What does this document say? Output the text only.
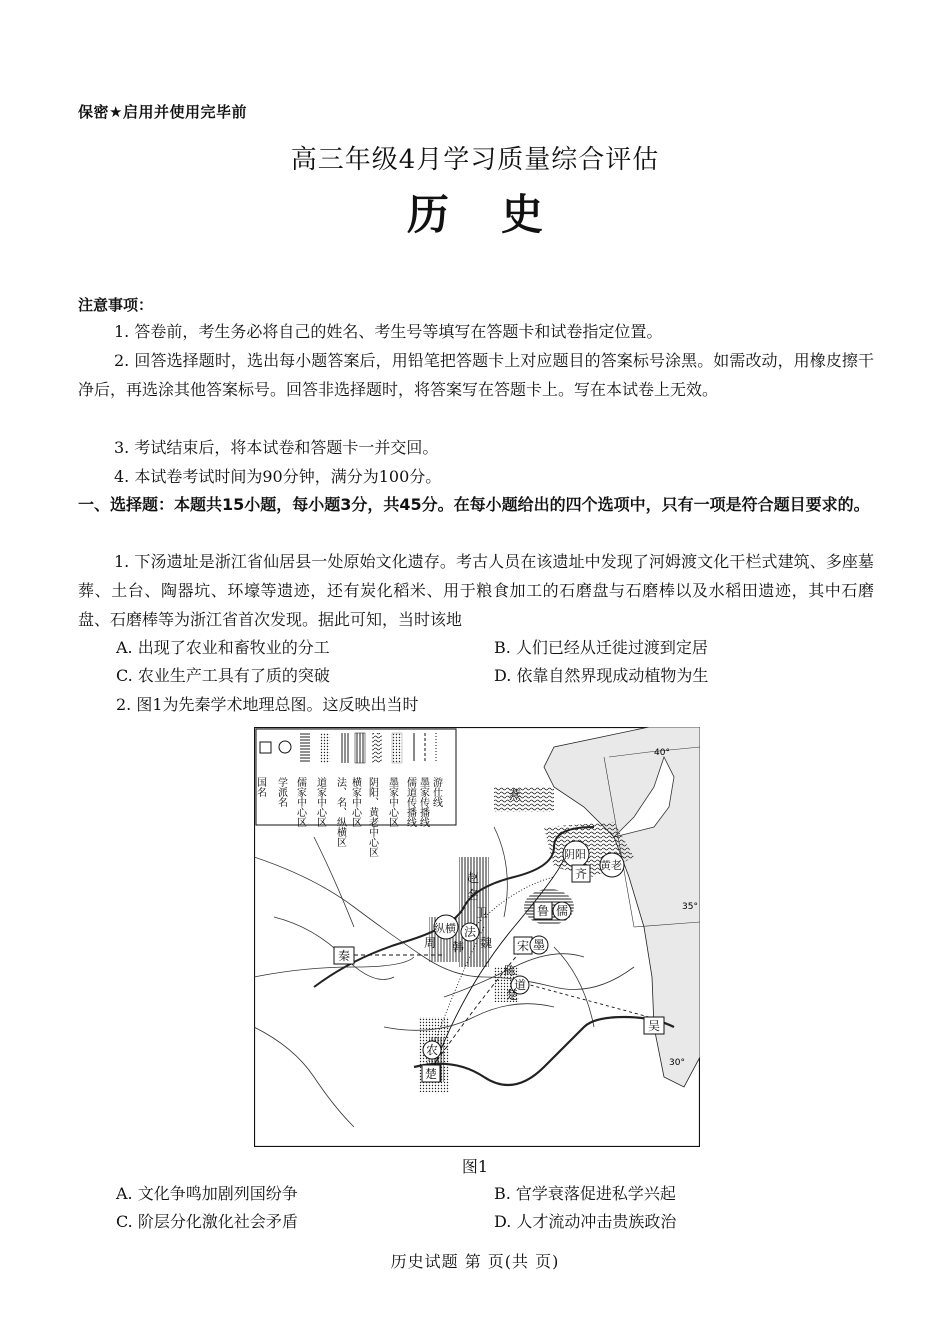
保密★启用并使用完毕前
高三年级4月学习质量综合评估
历史
注意事项：
1. 答卷前，考生务必将自己的姓名、考生号等填写在答题卡和试卷指定位置。
2. 回答选择题时，选出每小题答案后，用铅笔把答题卡上对应题目的答案标号涂黑。如需改动，用橡皮擦干净后，再选涂其他答案标号。回答非选择题时，将答案写在答题卡上。写在本试卷上无效。
3. 考试结束后，将本试卷和答题卡一并交回。
4. 本试卷考试时间为90分钟，满分为100分。
一、选择题：本题共15小题，每小题3分，共45分。在每小题给出的四个选项中，只有一项是符合题目要求的。
1. 下汤遗址是浙江省仙居县一处原始文化遗存。考古人员在该遗址中发现了河姆渡文化干栏式建筑、多座墓葬、土台、陶器坑、环壕等遗迹，还有炭化稻米、用于粮食加工的石磨盘与石磨棒以及水稻田遗迹，其中石磨盘、石磨棒等为浙江省首次发现。据此可知，当时该地
A. 出现了农业和畜牧业的分工	B. 人们已经从迁徙过渡到定居
C. 农业生产工具有了质的突破	D. 依靠自然界现成动植物为生
2. 图1为先秦学术地理总图。这反映出当时
国名 学派名 儒家中心区 道家中心区 法、名、纵横区 横家中心区 阴阳、黄老中心区 墨家中心区 儒道传播线 墨家传播线 游仕线
40°
35°
30°
秦
周 韩 魏
赵
名
卫
法
纵横
鲁 儒
宋 墨
陈
道
楚
楚
农
吴
阴阳
齐
黄老
燕
图1
A. 文化争鸣加剧列国纷争	B. 官学衰落促进私学兴起
C. 阶层分化激化社会矛盾	D. 人才流动冲击贵族政治
历史试题 第 页(共 页)
